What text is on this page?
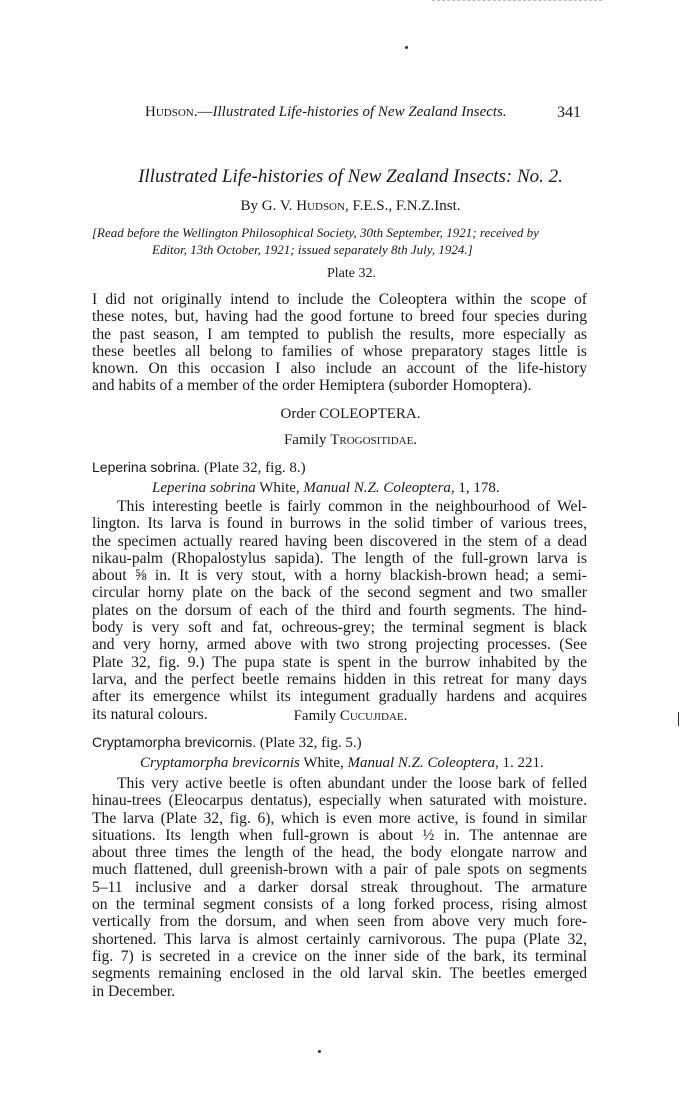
Hudson.—Illustrated Life-histories of New Zealand Insects.	341
Illustrated Life-histories of New Zealand Insects: No. 2.
By G. V. Hudson, F.E.S., F.N.Z.Inst.
[Read before the Wellington Philosophical Society, 30th September, 1921; received by
Editor, 13th October, 1921; issued separately 8th July, 1924.]
Plate 32.
I did not originally intend to include the Coleoptera within the scope of
these notes, but, having had the good fortune to breed four species during
the past season, I am tempted to publish the results, more especially as
these beetles all belong to families of whose preparatory stages little is
known. On this occasion I also include an account of the life-history
and habits of a member of the order Hemiptera (suborder Homoptera).
Order COLEOPTERA.
Family Trogositidae.
Leperina sobrina. (Plate 32, fig. 8.)
Leperina sobrina White, Manual N.Z. Coleoptera, 1, 178.
This interesting beetle is fairly common in the neighbourhood of Wel-
lington. Its larva is found in burrows in the solid timber of various trees,
the specimen actually reared having been discovered in the stem of a dead
nikau-palm (Rhopalostylus sapida). The length of the full-grown larva is
about ⅝ in. It is very stout, with a horny blackish-brown head; a semi-
circular horny plate on the back of the second segment and two smaller
plates on the dorsum of each of the third and fourth segments. The hind-
body is very soft and fat, ochreous-grey; the terminal segment is black
and very horny, armed above with two strong projecting processes. (See
Plate 32, fig. 9.) The pupa state is spent in the burrow inhabited by the
larva, and the perfect beetle remains hidden in this retreat for many days
after its emergence whilst its integument gradually hardens and acquires
its natural colours.	Family Cucujidae.
Cryptamorpha brevicornis. (Plate 32, fig. 5.)
Cryptamorpha brevicornis White, Manual N.Z. Coleoptera, 1. 221.
This very active beetle is often abundant under the loose bark of felled
hinau-trees (Eleocarpus dentatus), especially when saturated with moisture.
The larva (Plate 32, fig. 6), which is even more active, is found in similar
situations. Its length when full-grown is about ½ in. The antennae are
about three times the length of the head, the body elongate narrow and
much flattened, dull greenish-brown with a pair of pale spots on segments
5–11 inclusive and a darker dorsal streak throughout. The armature
on the terminal segment consists of a long forked process, rising almost
vertically from the dorsum, and when seen from above very much fore-
shortened. This larva is almost certainly carnivorous. The pupa (Plate 32,
fig. 7) is secreted in a crevice on the inner side of the bark, its terminal
segments remaining enclosed in the old larval skin. The beetles emerged
in December.
